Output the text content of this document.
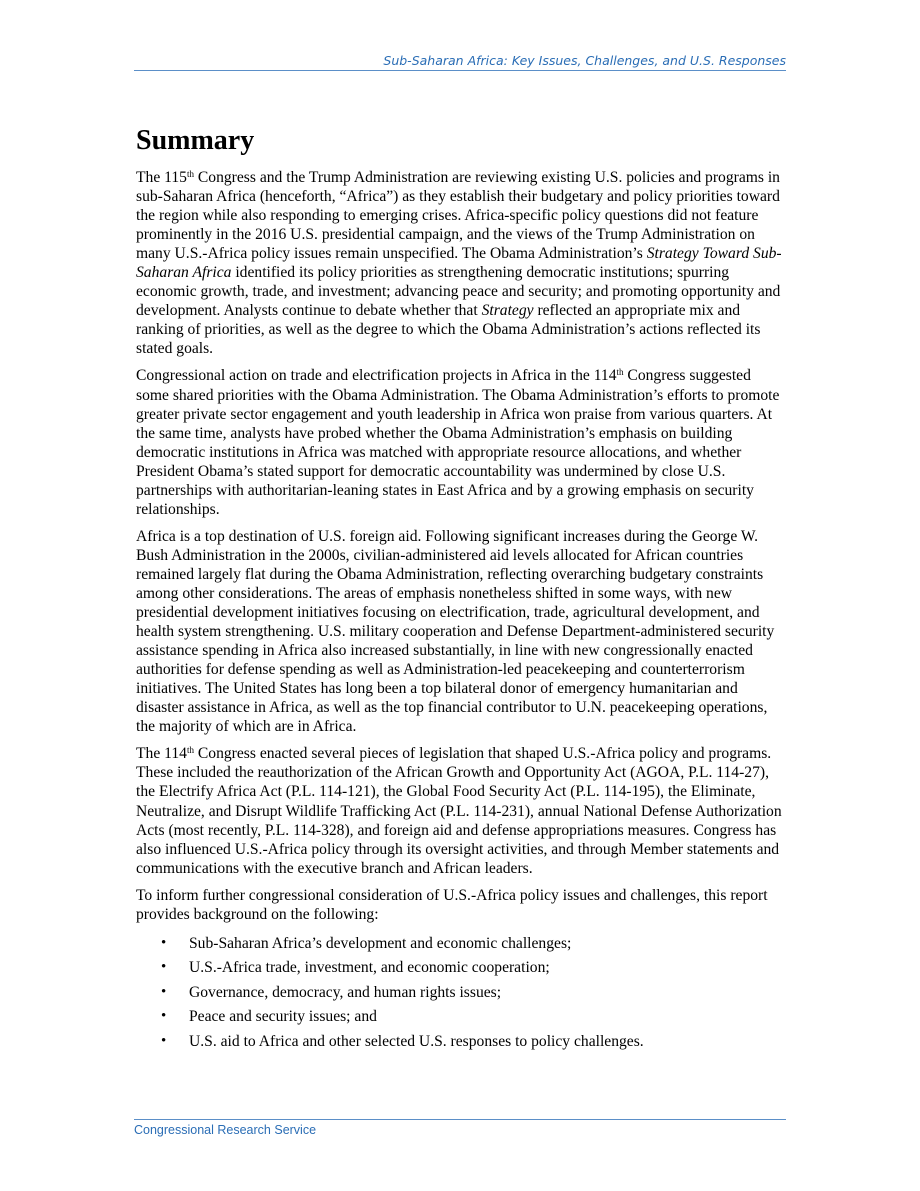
Sub-Saharan Africa: Key Issues, Challenges, and U.S. Responses
Summary

The 115th Congress and the Trump Administration are reviewing existing U.S. policies and programs in sub-Saharan Africa (henceforth, “Africa”) as they establish their budgetary and policy priorities toward the region while also responding to emerging crises. Africa-specific policy questions did not feature prominently in the 2016 U.S. presidential campaign, and the views of the Trump Administration on many U.S.-Africa policy issues remain unspecified. The Obama Administration’s Strategy Toward Sub-Saharan Africa identified its policy priorities as strengthening democratic institutions; spurring economic growth, trade, and investment; advancing peace and security; and promoting opportunity and development. Analysts continue to debate whether that Strategy reflected an appropriate mix and ranking of priorities, as well as the degree to which the Obama Administration’s actions reflected its stated goals.

Congressional action on trade and electrification projects in Africa in the 114th Congress suggested some shared priorities with the Obama Administration. The Obama Administration’s efforts to promote greater private sector engagement and youth leadership in Africa won praise from various quarters. At the same time, analysts have probed whether the Obama Administration’s emphasis on building democratic institutions in Africa was matched with appropriate resource allocations, and whether President Obama’s stated support for democratic accountability was undermined by close U.S. partnerships with authoritarian-leaning states in East Africa and by a growing emphasis on security relationships.

Africa is a top destination of U.S. foreign aid. Following significant increases during the George W. Bush Administration in the 2000s, civilian-administered aid levels allocated for African countries remained largely flat during the Obama Administration, reflecting overarching budgetary constraints among other considerations. The areas of emphasis nonetheless shifted in some ways, with new presidential development initiatives focusing on electrification, trade, agricultural development, and health system strengthening. U.S. military cooperation and Defense Department-administered security assistance spending in Africa also increased substantially, in line with new congressionally enacted authorities for defense spending as well as Administration-led peacekeeping and counterterrorism initiatives. The United States has long been a top bilateral donor of emergency humanitarian and disaster assistance in Africa, as well as the top financial contributor to U.N. peacekeeping operations, the majority of which are in Africa.

The 114th Congress enacted several pieces of legislation that shaped U.S.-Africa policy and programs. These included the reauthorization of the African Growth and Opportunity Act (AGOA, P.L. 114-27), the Electrify Africa Act (P.L. 114-121), the Global Food Security Act (P.L. 114-195), the Eliminate, Neutralize, and Disrupt Wildlife Trafficking Act (P.L. 114-231), annual National Defense Authorization Acts (most recently, P.L. 114-328), and foreign aid and defense appropriations measures. Congress has also influenced U.S.-Africa policy through its oversight activities, and through Member statements and communications with the executive branch and African leaders.

To inform further congressional consideration of U.S.-Africa policy issues and challenges, this report provides background on the following:

• Sub-Saharan Africa’s development and economic challenges;
• U.S.-Africa trade, investment, and economic cooperation;
• Governance, democracy, and human rights issues;
• Peace and security issues; and
• U.S. aid to Africa and other selected U.S. responses to policy challenges.
Congressional Research Service
